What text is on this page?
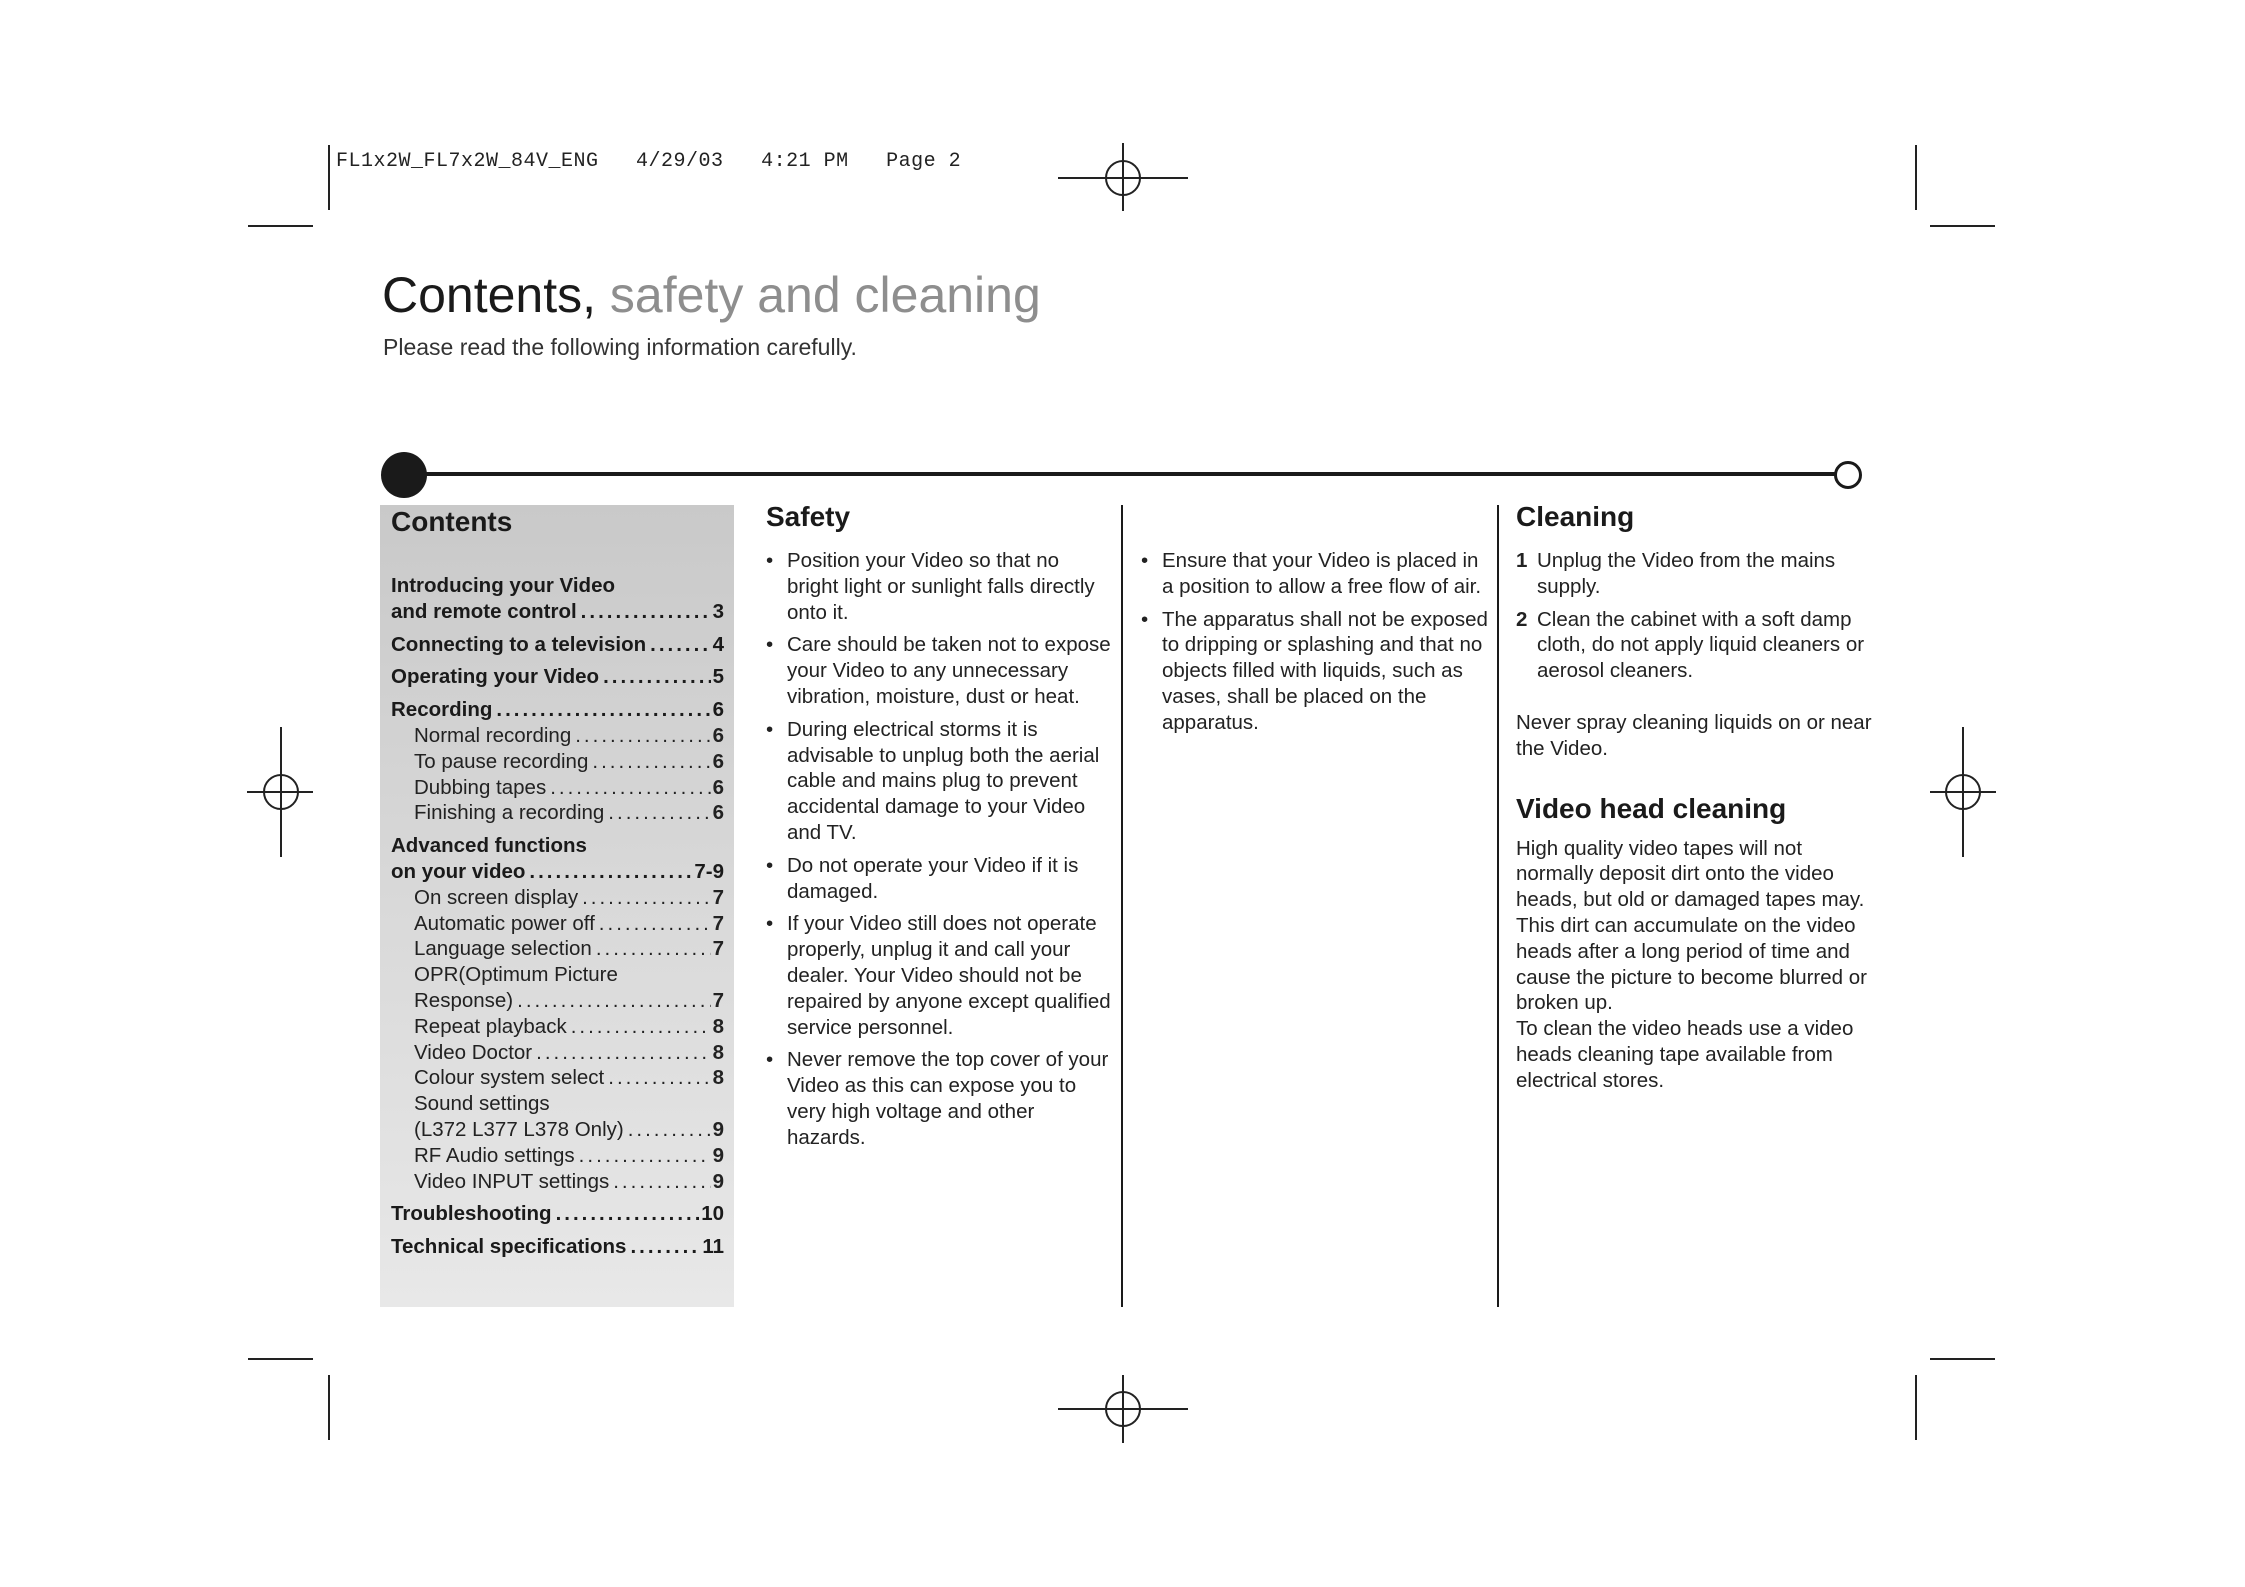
FL1x2W_FL7x2W_84V_ENG   4/29/03   4:21 PM   Page 2
Contents, safety and cleaning

Please read the following information carefully.

Contents
Introducing your Video
and remote control .....	3
Connecting to a television .....	4
Operating your Video .....	5
Recording .....	6
Normal recording .....	6
To pause recording .....	6
Dubbing tapes .....	6
Finishing a recording .....	6
Advanced functions
on your video .....	7-9
On screen display .....	7
Automatic power off .....	7
Language selection .....	7
OPR(Optimum Picture
Response) .....	7
Repeat playback .....	8
Video Doctor .....	8
Colour system select .....	8
Sound settings
(L372 L377 L378 Only) .....	9
RF Audio settings .....	9
Video INPUT settings .....	9
Troubleshooting .....	10
Technical specifications .....	11
Safety
• Position your Video so that no bright light or sunlight falls directly onto it.
• Care should be taken not to expose your Video to any unnecessary vibration, moisture, dust or heat.
• During electrical storms it is advisable to unplug both the aerial cable and mains plug to prevent accidental damage to your Video and TV.
• Do not operate your Video if it is damaged.
• If your Video still does not operate properly, unplug it and call your dealer. Your Video should not be repaired by anyone except qualified service personnel.
• Never remove the top cover of your Video as this can expose you to very high voltage and other hazards.
• Ensure that your Video is placed in a position to allow a free flow of air.
• The apparatus shall not be exposed to dripping or splashing and that no objects filled with liquids, such as vases, shall be placed on the apparatus.
Cleaning
1 Unplug the Video from the mains supply.
2 Clean the cabinet with a soft damp cloth, do not apply liquid cleaners or aerosol cleaners.

Never spray cleaning liquids on or near the Video.

Video head cleaning

High quality video tapes will not normally deposit dirt onto the video heads, but old or damaged tapes may. This dirt can accumulate on the video heads after a long period of time and cause the picture to become blurred or broken up.

To clean the video heads use a video heads cleaning tape available from electrical stores.
